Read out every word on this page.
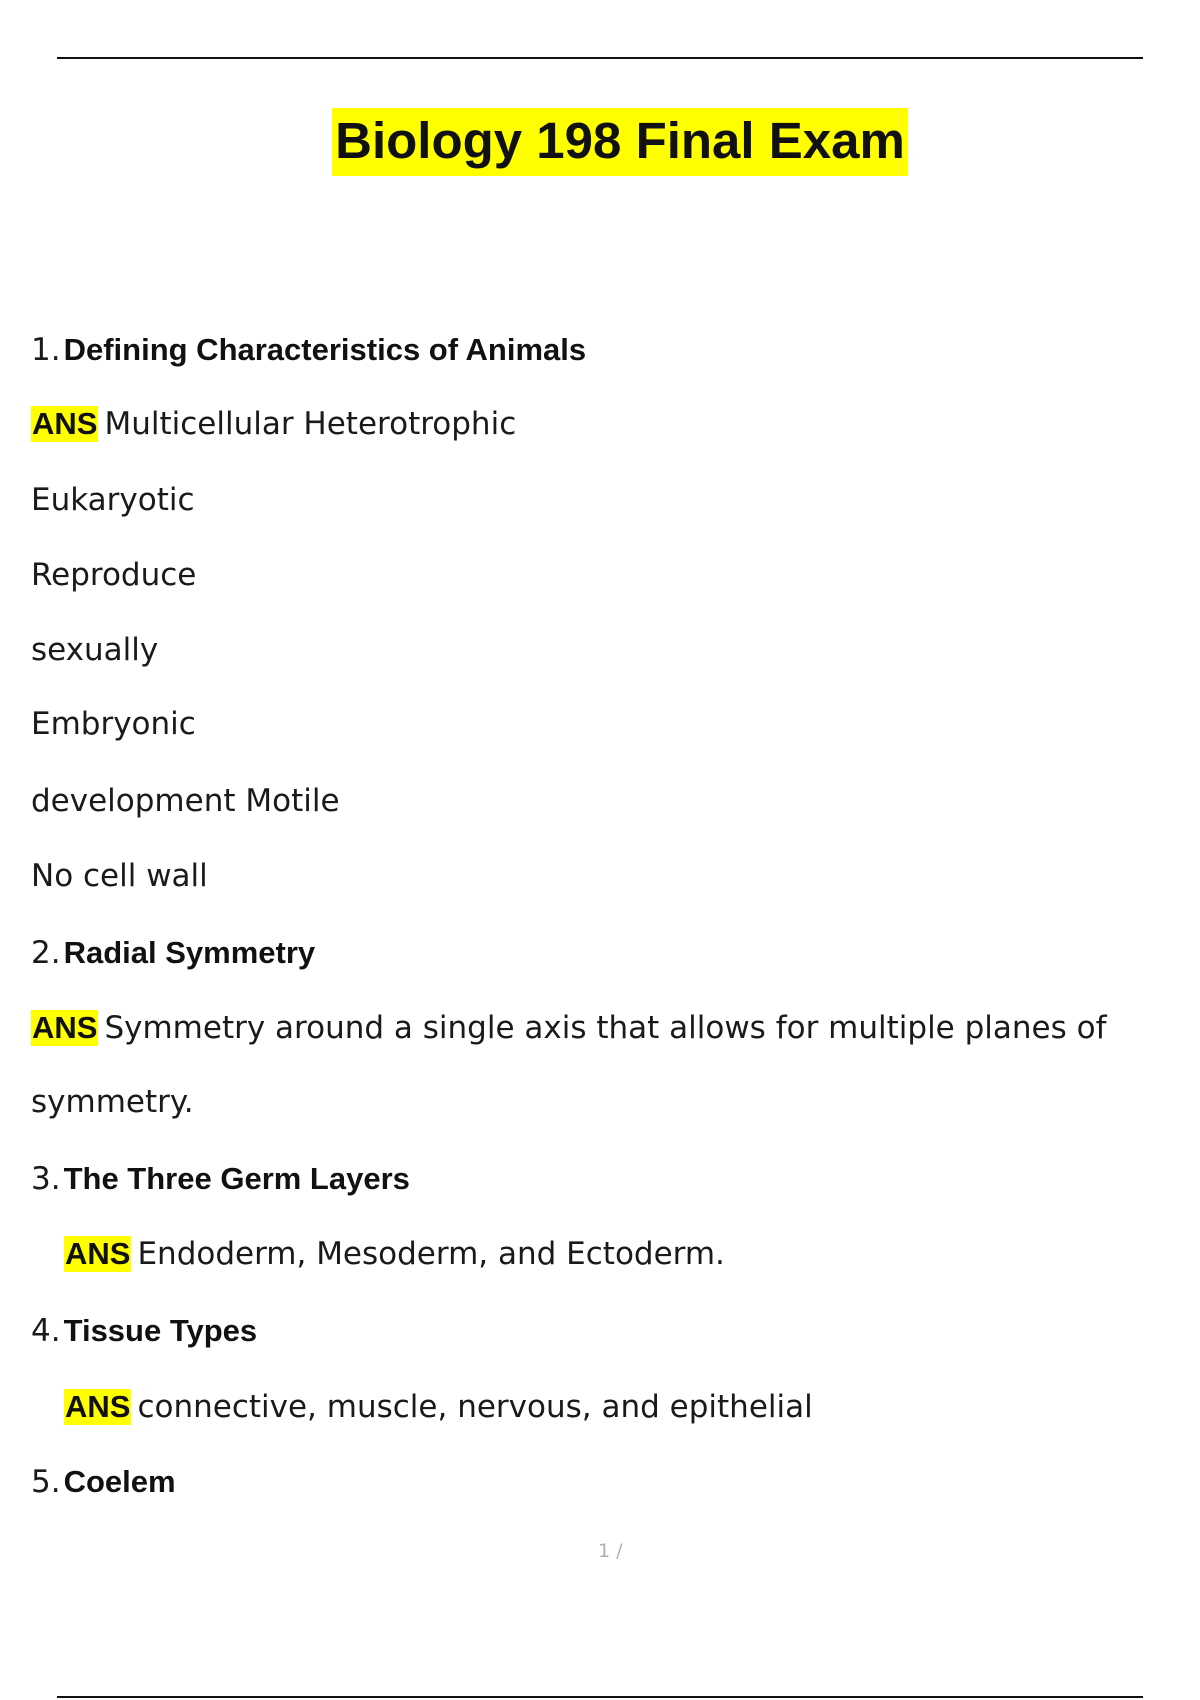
Biology 198 Final Exam
1.Defining Characteristics of Animals
ANS Multicellular Heterotrophic
Eukaryotic
Reproduce
sexually
Embryonic
development Motile
No cell wall
2.Radial Symmetry
ANS Symmetry around a single axis that allows for multiple planes of
symmetry.
3.The Three Germ Layers
ANS Endoderm, Mesoderm, and Ectoderm.
4.Tissue Types
ANS connective, muscle, nervous, and epithelial
5.Coelem
1 /
